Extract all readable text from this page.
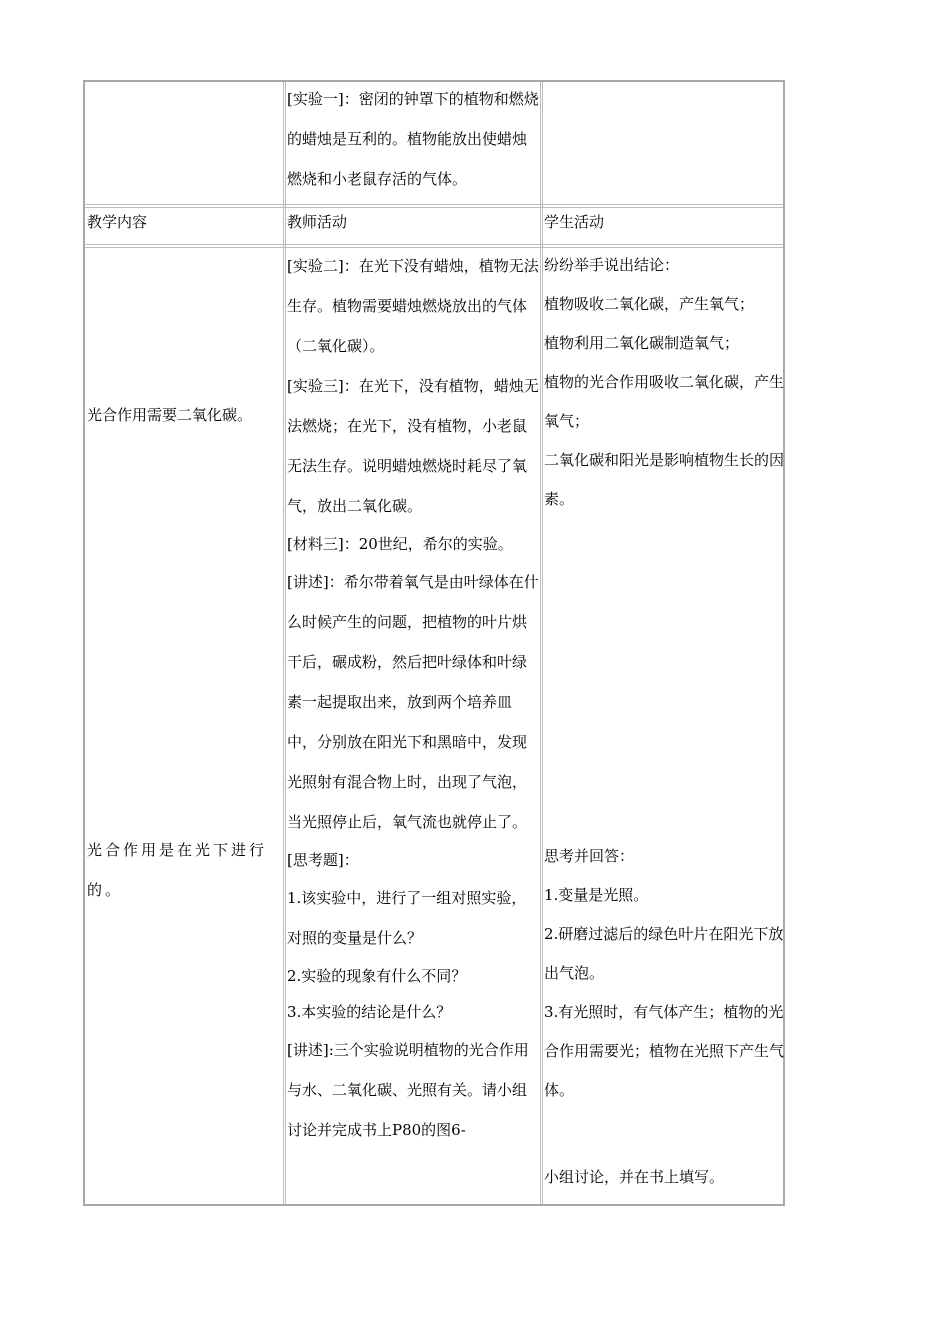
[实验一]：密闭的钟罩下的植物和燃烧的蜡烛是互利的。植物能放出使蜡烛燃烧和小老鼠存活的气体。

教学内容	教师活动	学生活动
光合作用需要二氧化碳。
光合作用是在光下进行的。

[实验二]：在光下没有蜡烛，植物无法生存。植物需要蜡烛燃烧放出的气体（二氧化碳）。

[实验三]：在光下，没有植物，蜡烛无法燃烧；在光下，没有植物，小老鼠无法生存。说明蜡烛燃烧时耗尽了氧气，放出二氧化碳。

[材料三]：20世纪，希尔的实验。

[讲述]：希尔带着氧气是由叶绿体在什么时候产生的问题，把植物的叶片烘干后，碾成粉，然后把叶绿体和叶绿素一起提取出来，放到两个培养皿中，分别放在阳光下和黑暗中，发现光照射有混合物上时，出现了气泡，当光照停止后，氧气流也就停止了。

[思考题]：

1.该实验中，进行了一组对照实验，对照的变量是什么？

2.实验的现象有什么不同？

3.本实验的结论是什么？

[讲述]:三个实验说明植物的光合作用与水、二氧化碳、光照有关。请小组讨论并完成书上P80的图6-

纷纷举手说出结论：

植物吸收二氧化碳，产生氧气；

植物利用二氧化碳制造氧气；

植物的光合作用吸收二氧化碳，产生氧气；

二氧化碳和阳光是影响植物生长的因素。

思考并回答：

1.变量是光照。

2.研磨过滤后的绿色叶片在阳光下放出气泡。

3.有光照时，有气体产生；植物的光合作用需要光；植物在光照下产生气体。

小组讨论，并在书上填写。
